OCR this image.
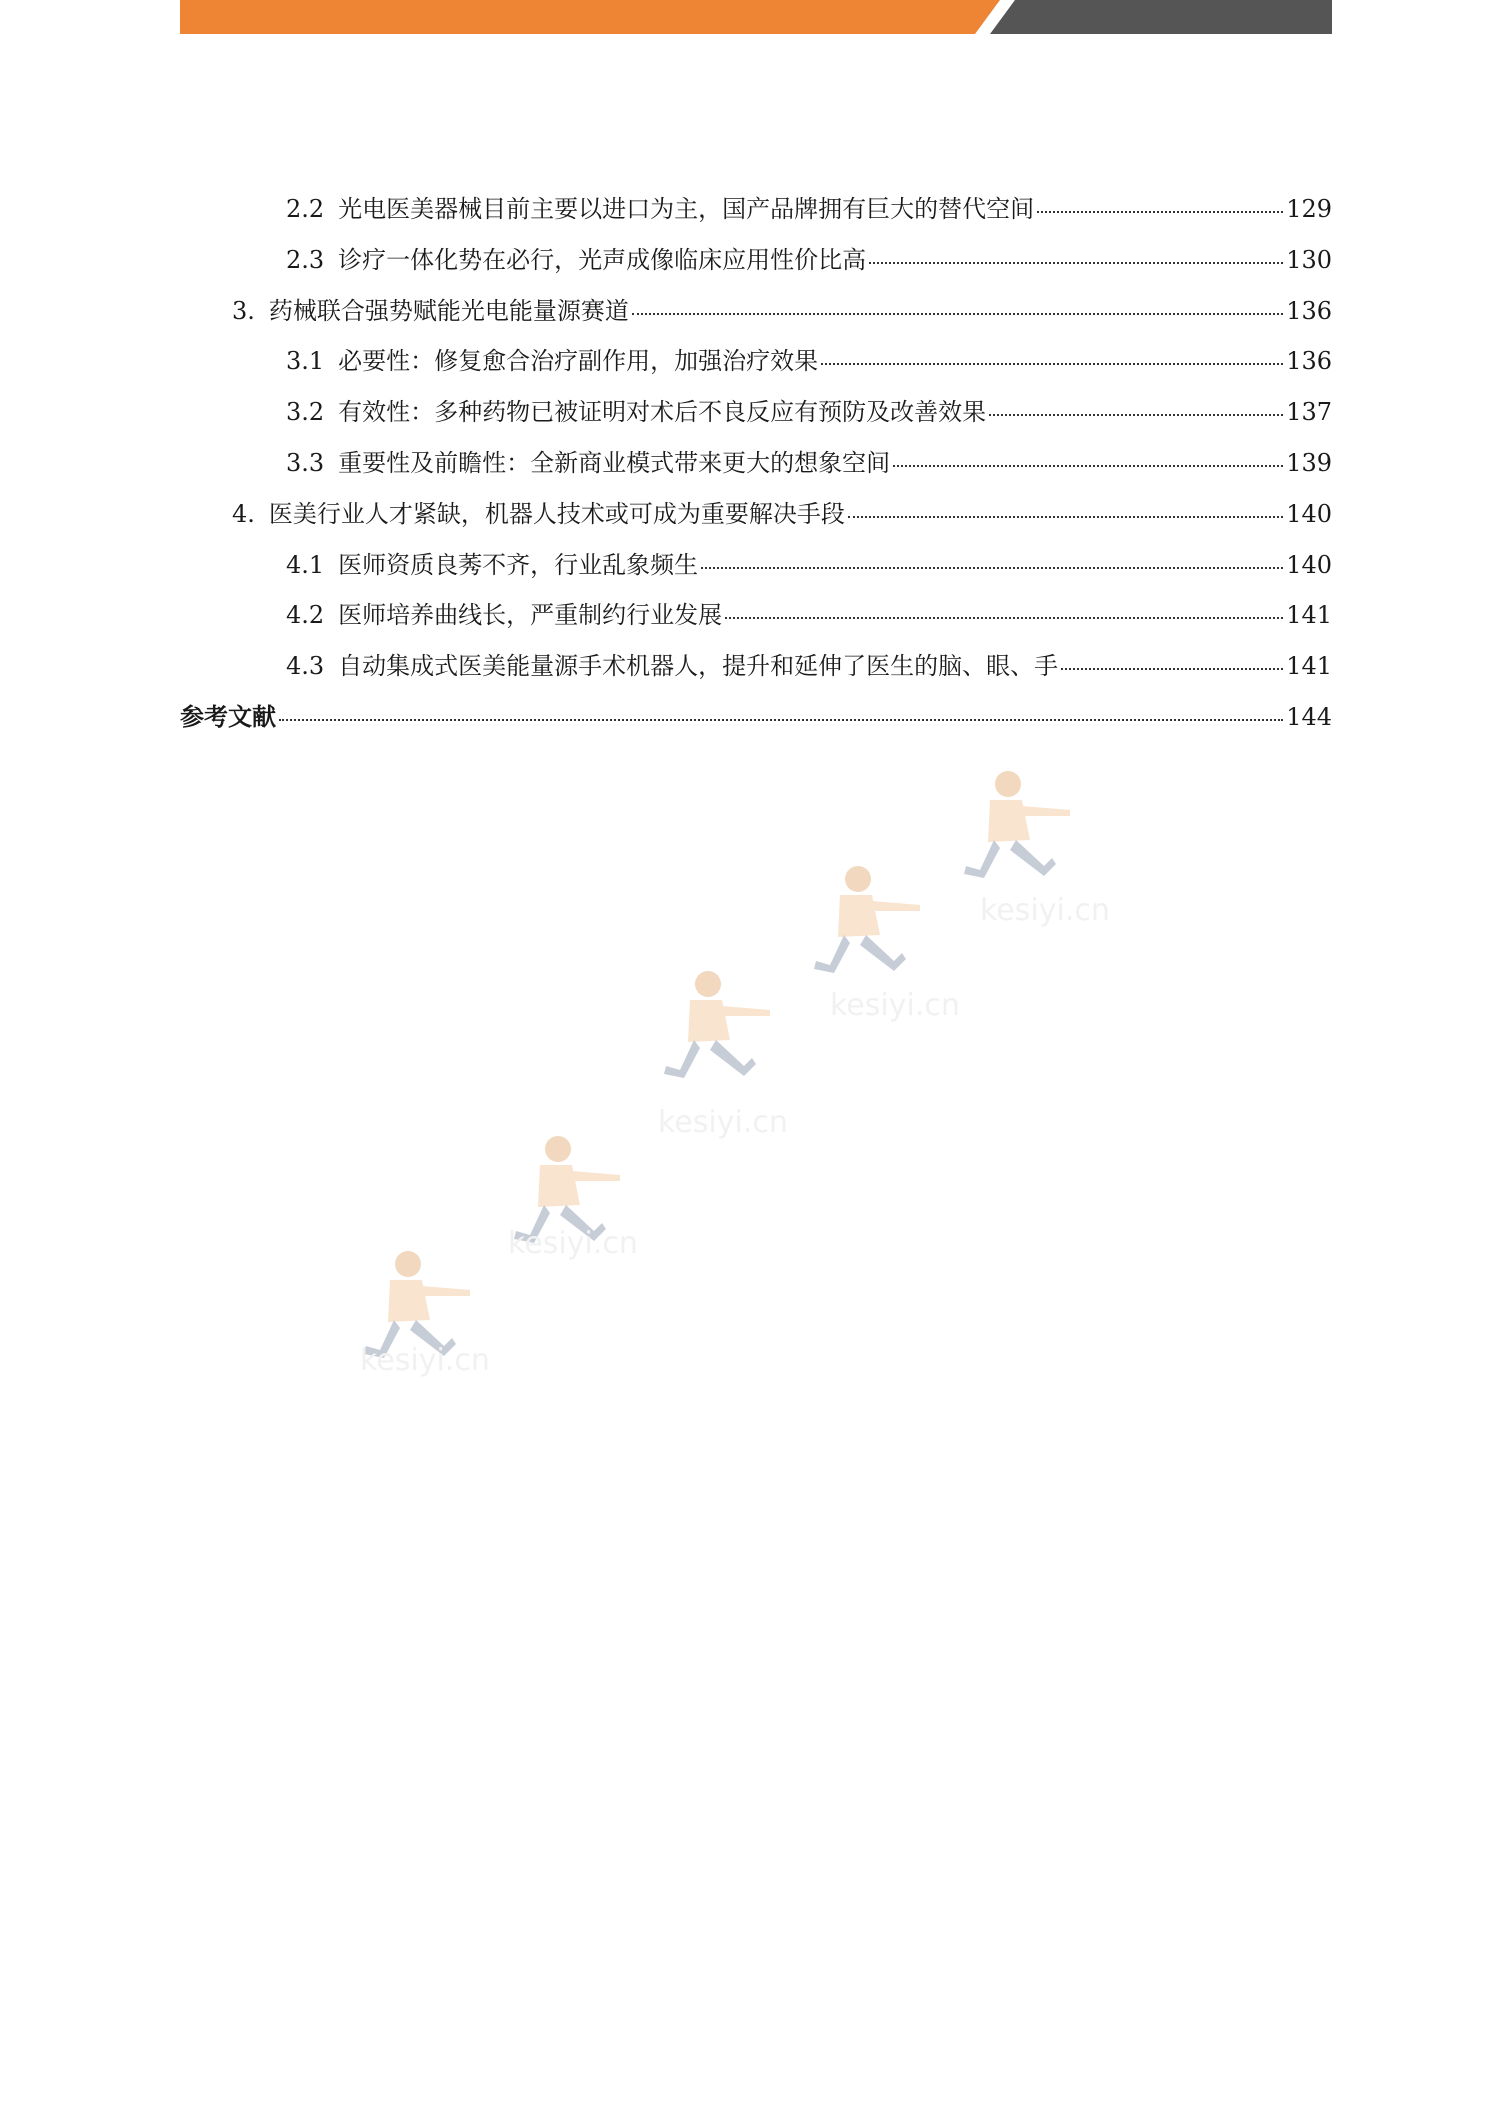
2.2 光电医美器械目前主要以进口为主，国产品牌拥有巨大的替代空间	129
2.3 诊疗一体化势在必行，光声成像临床应用性价比高	130
3. 药械联合强势赋能光电能量源赛道	136
3.1 必要性：修复愈合治疗副作用，加强治疗效果	136
3.2 有效性：多种药物已被证明对术后不良反应有预防及改善效果	137
3.3 重要性及前瞻性：全新商业模式带来更大的想象空间	139
4. 医美行业人才紧缺，机器人技术或可成为重要解决手段	140
4.1 医师资质良莠不齐，行业乱象频生	140
4.2 医师培养曲线长，严重制约行业发展	141
4.3 自动集成式医美能量源手术机器人，提升和延伸了医生的脑、眼、手	141
参考文献	144
kesiyi.cn
kesiyi.cn
kesiyi.cn
kesiyi.cn
kesiyi.cn
